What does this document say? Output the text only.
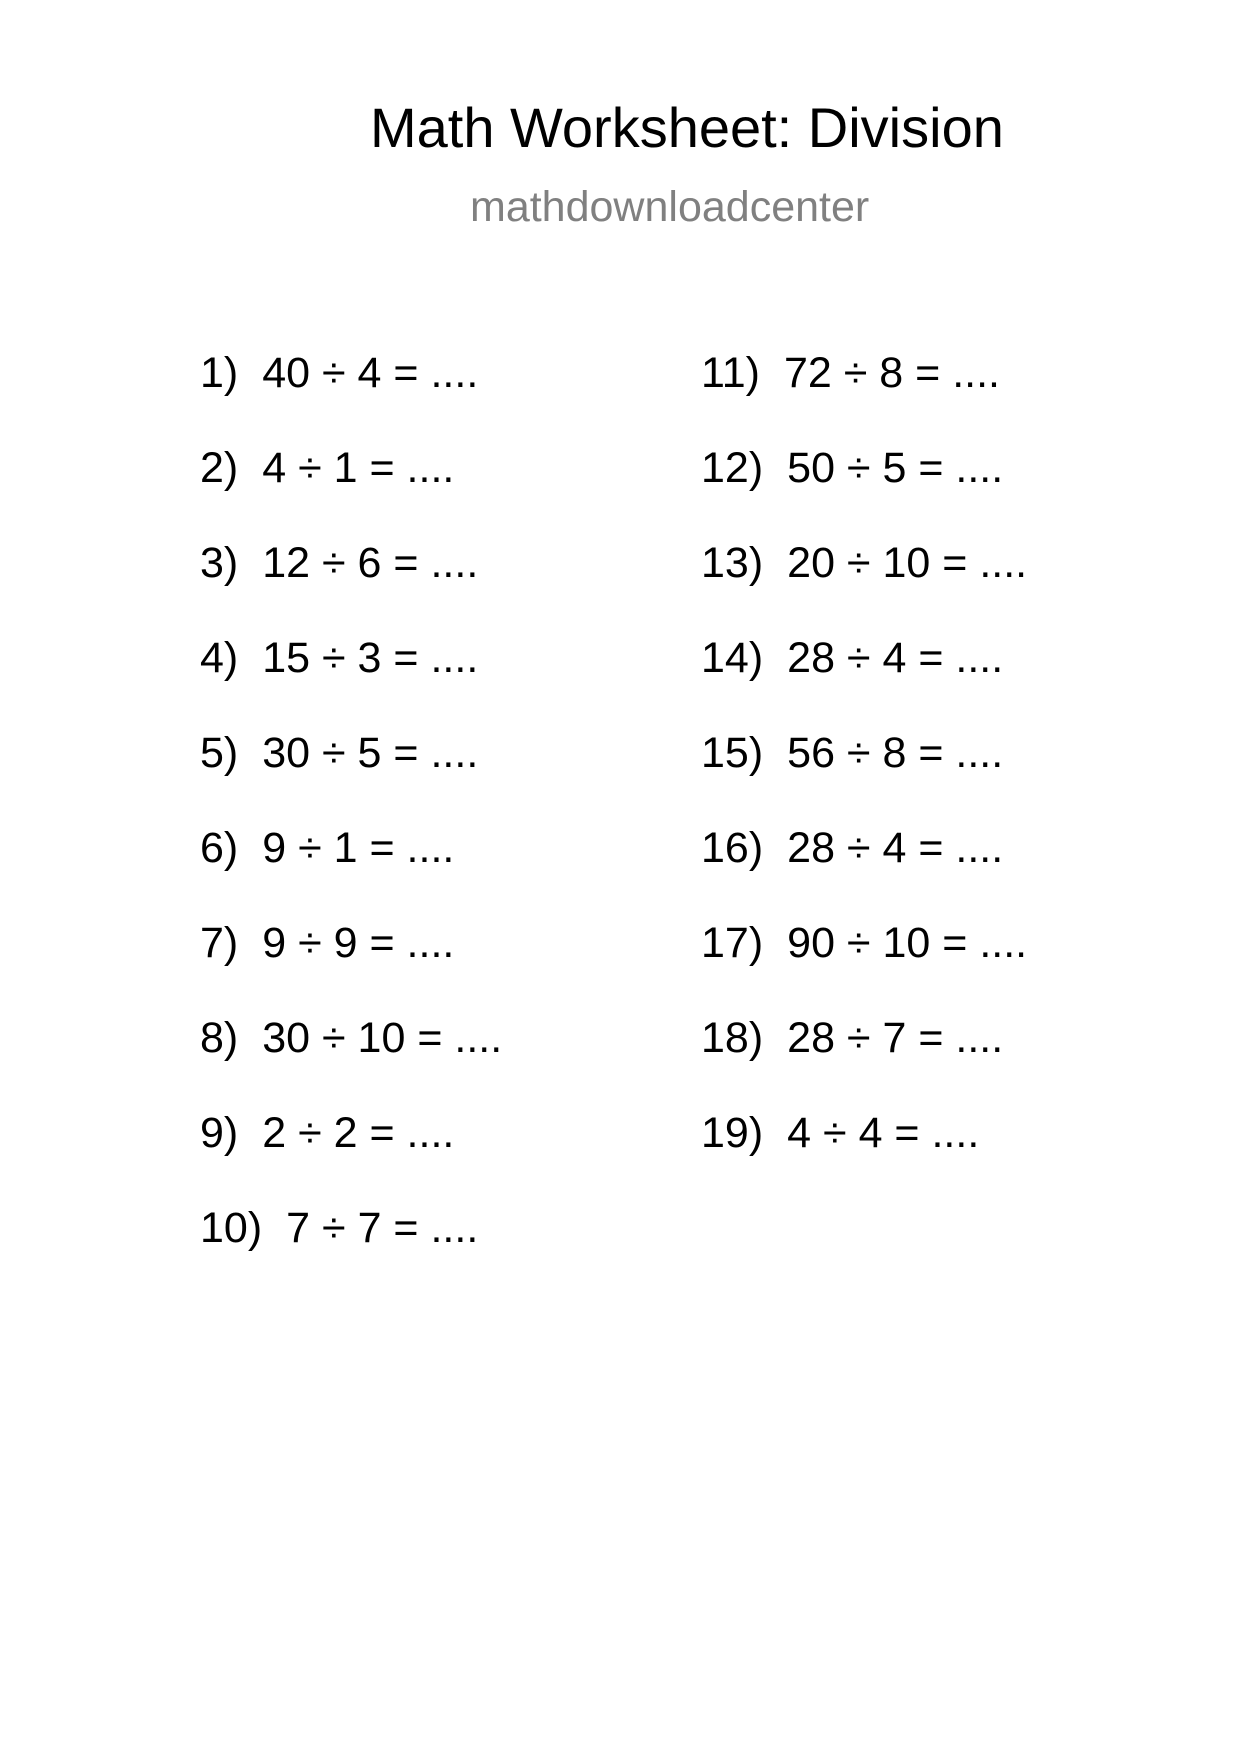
Math Worksheet: Division
mathdownloadcenter
1) 40 ÷ 4 = ....
2) 4 ÷ 1 = ....
3) 12 ÷ 6 = ....
4) 15 ÷ 3 = ....
5) 30 ÷ 5 = ....
6) 9 ÷ 1 = ....
7) 9 ÷ 9 = ....
8) 30 ÷ 10 = ....
9) 2 ÷ 2 = ....
10) 7 ÷ 7 = ....
11) 72 ÷ 8 = ....
12) 50 ÷ 5 = ....
13) 20 ÷ 10 = ....
14) 28 ÷ 4 = ....
15) 56 ÷ 8 = ....
16) 28 ÷ 4 = ....
17) 90 ÷ 10 = ....
18) 28 ÷ 7 = ....
19) 4 ÷ 4 = ....
